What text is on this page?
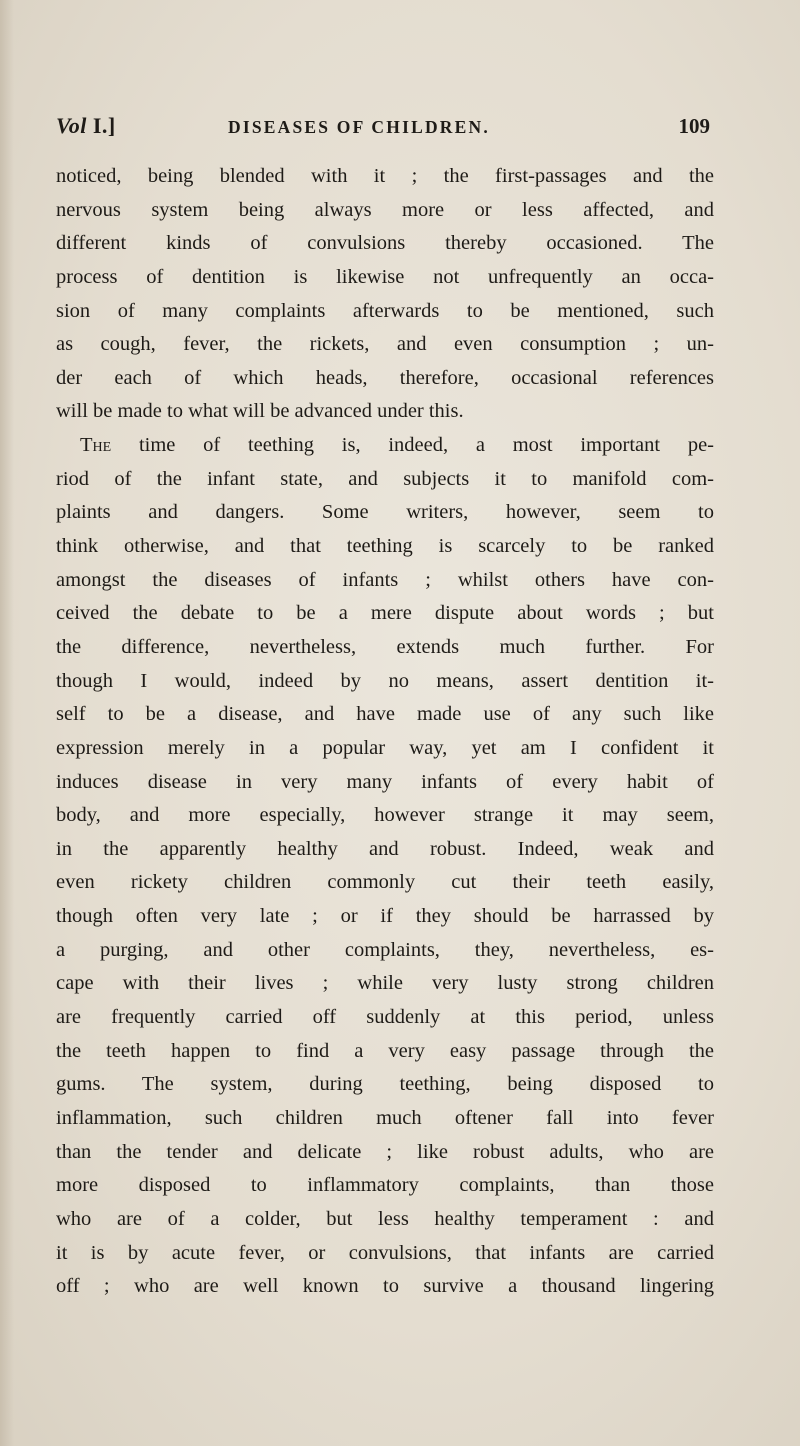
Vol I.]	DISEASES OF CHILDREN.	109
noticed, being blended with it ; the first-passages and the
nervous system being always more or less affected, and
different kinds of convulsions thereby occasioned. The
process of dentition is likewise not unfrequently an occa-
sion of many complaints afterwards to be mentioned, such
as cough, fever, the rickets, and even consumption ; un-
der each of which heads, therefore, occasional references
will be made to what will be advanced under this.
The time of teething is, indeed, a most important pe-
riod of the infant state, and subjects it to manifold com-
plaints and dangers. Some writers, however, seem to
think otherwise, and that teething is scarcely to be ranked
amongst the diseases of infants ; whilst others have con-
ceived the debate to be a mere dispute about words ; but
the difference, nevertheless, extends much further. For
though I would, indeed by no means, assert dentition it-
self to be a disease, and have made use of any such like
expression merely in a popular way, yet am I confident it
induces disease in very many infants of every habit of
body, and more especially, however strange it may seem,
in the apparently healthy and robust. Indeed, weak and
even rickety children commonly cut their teeth easily,
though often very late ; or if they should be harrassed by
a purging, and other complaints, they, nevertheless, es-
cape with their lives ; while very lusty strong children
are frequently carried off suddenly at this period, unless
the teeth happen to find a very easy passage through the
gums. The system, during teething, being disposed to
inflammation, such children much oftener fall into fever
than the tender and delicate ; like robust adults, who are
more disposed to inflammatory complaints, than those
who are of a colder, but less healthy temperament : and
it is by acute fever, or convulsions, that infants are carried
off ; who are well known to survive a thousand lingering
